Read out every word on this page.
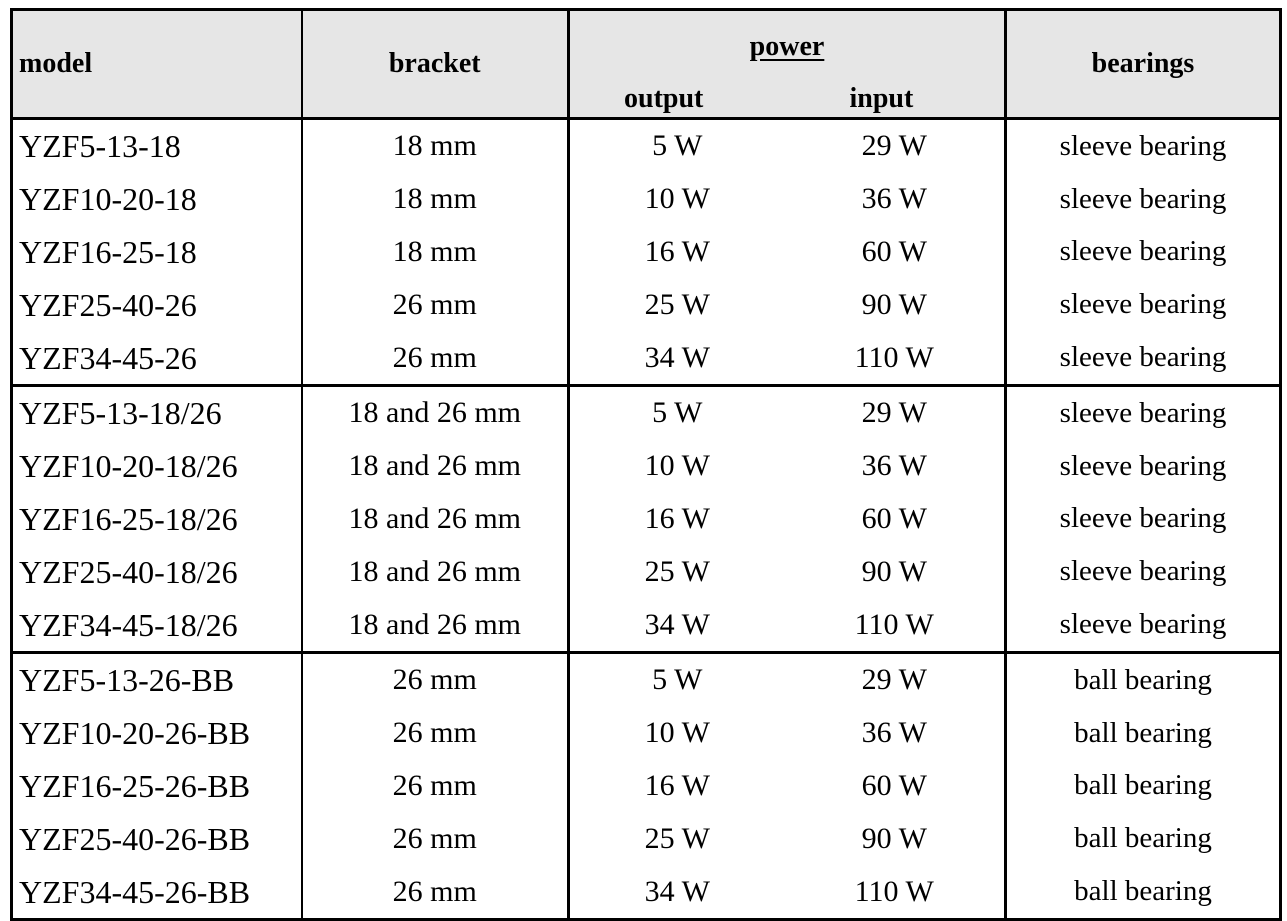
model	bracket	power		bearings	
		output	input		
YZF5-13-18	18 mm	5 W	29 W	sleeve bearing	
YZF10-20-18	18 mm	10 W	36 W	sleeve bearing	
YZF16-25-18	18 mm	16 W	60 W	sleeve bearing	
YZF25-40-26	26 mm	25 W	90 W	sleeve bearing	
YZF34-45-26	26 mm	34 W	110 W	sleeve bearing	
YZF5-13-18/26	18 and 26 mm	5 W	29 W	sleeve bearing	
YZF10-20-18/26	18 and 26 mm	10 W	36 W	sleeve bearing	
YZF16-25-18/26	18 and 26 mm	16 W	60 W	sleeve bearing	
YZF25-40-18/26	18 and 26 mm	25 W	90 W	sleeve bearing	
YZF34-45-18/26	18 and 26 mm	34 W	110 W	sleeve bearing	
YZF5-13-26-BB	26 mm	5 W	29 W	ball bearing	
YZF10-20-26-BB	26 mm	10 W	36 W	ball bearing	
YZF16-25-26-BB	26 mm	16 W	60 W	ball bearing	
YZF25-40-26-BB	26 mm	25 W	90 W	ball bearing	
YZF34-45-26-BB	26 mm	34 W	110 W	ball bearing	
